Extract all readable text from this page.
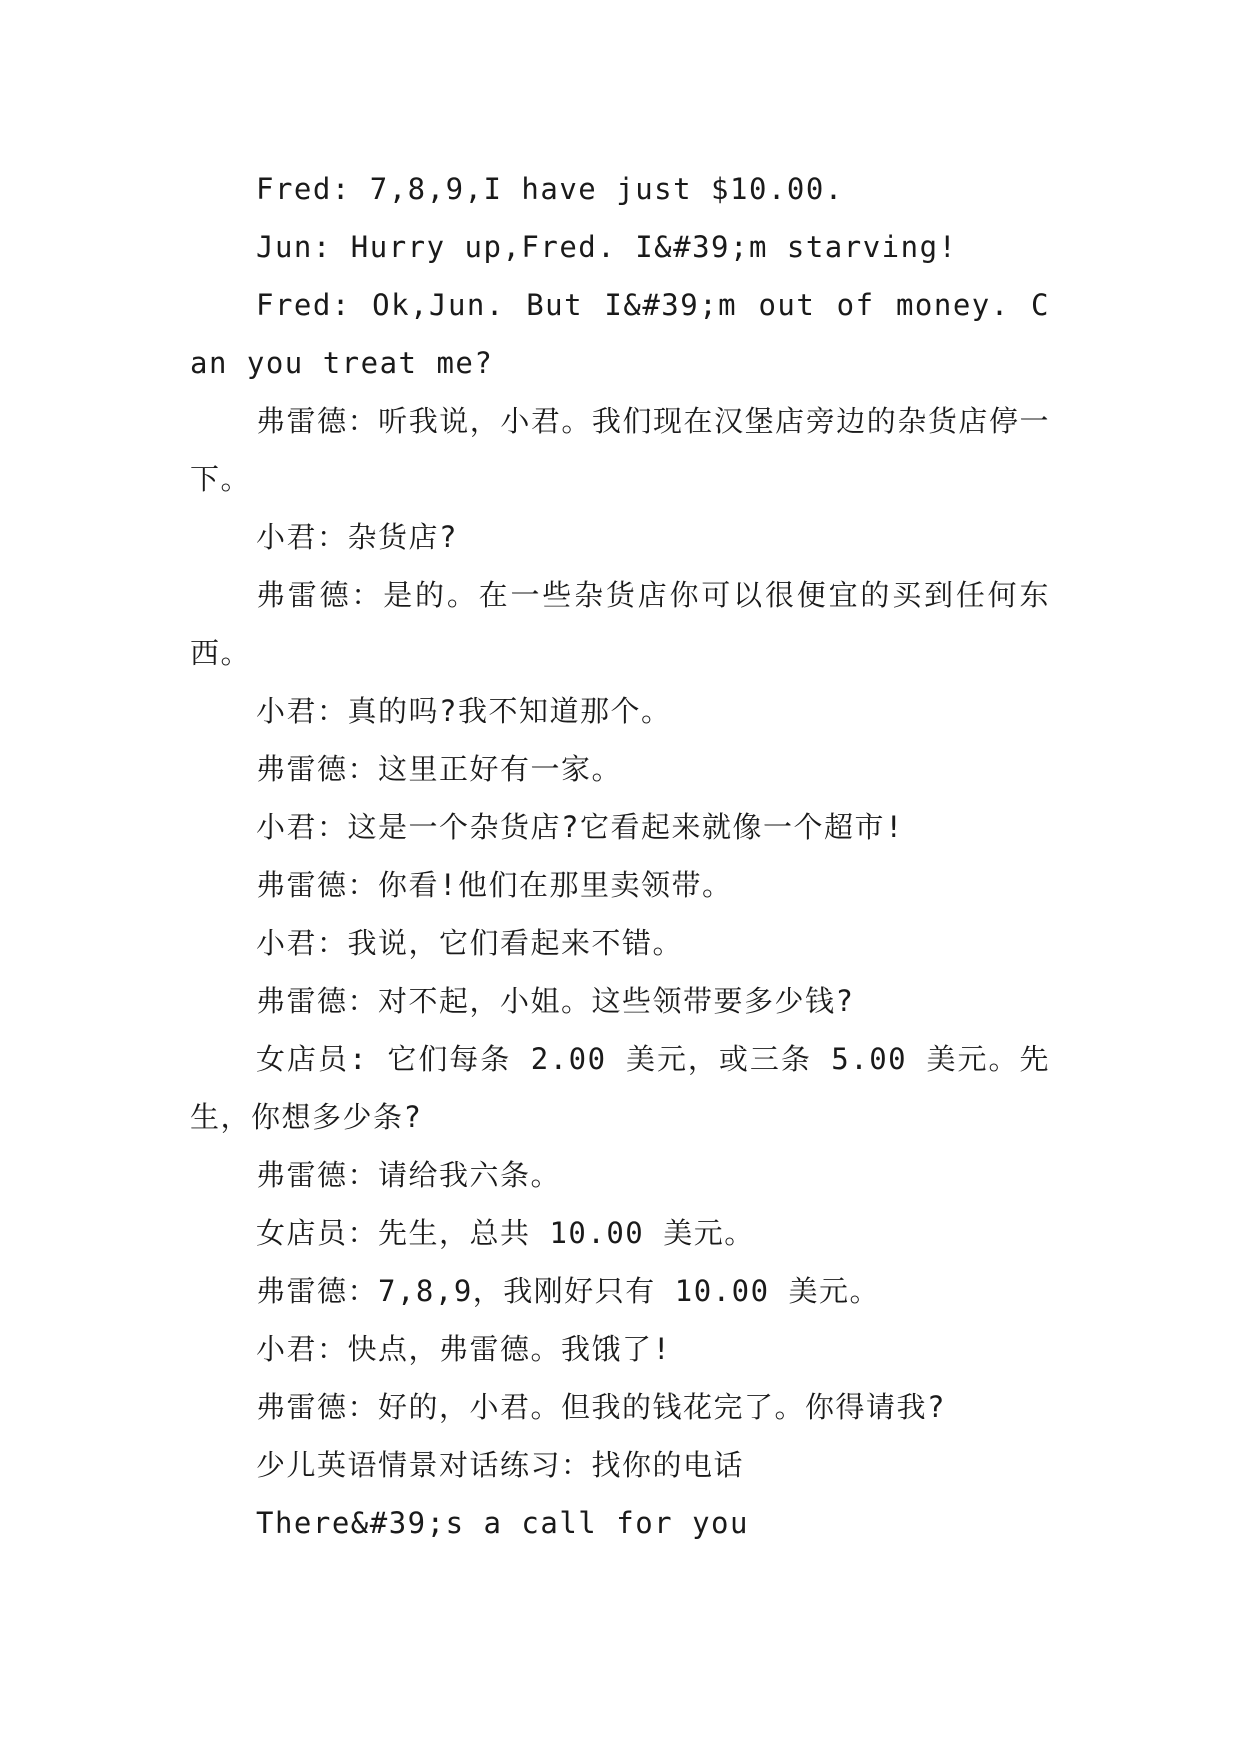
Fred: 7,8,9,I have just $10.00.

Jun: Hurry up,Fred. I&#39;m starving!

Fred: Ok,Jun. But I&#39;m out of money. Can you treat me?

弗雷德：听我说，小君。我们现在汉堡店旁边的杂货店停一下。

小君：杂货店?

弗雷德：是的。在一些杂货店你可以很便宜的买到任何东西。

小君：真的吗?我不知道那个。

弗雷德：这里正好有一家。

小君：这是一个杂货店?它看起来就像一个超市!

弗雷德：你看!他们在那里卖领带。

小君：我说，它们看起来不错。

弗雷德：对不起，小姐。这些领带要多少钱?

女店员: 它们每条 2.00 美元，或三条 5.00 美元。先生，你想多少条?

弗雷德：请给我六条。

女店员：先生，总共 10.00 美元。

弗雷德：7,8,9，我刚好只有 10.00 美元。

小君：快点，弗雷德。我饿了!

弗雷德：好的，小君。但我的钱花完了。你得请我?

少儿英语情景对话练习：找你的电话

There&#39;s a call for you
